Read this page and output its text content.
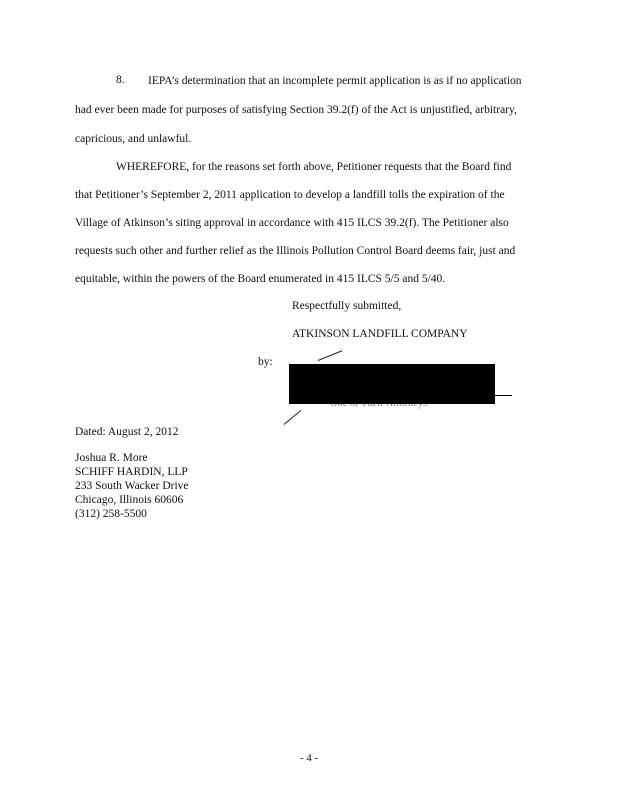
8. IEPA’s determination that an incomplete permit application is as if no application
had ever been made for purposes of satisfying Section 39.2(f) of the Act is unjustified, arbitrary,
capricious, and unlawful.
WHEREFORE, for the reasons set forth above, Petitioner requests that the Board find
that Petitioner’s September 2, 2011 application to develop a landfill tolls the expiration of the
Village of Atkinson’s siting approval in accordance with 415 ILCS 39.2(f). The Petitioner also
requests such other and further relief as the Illinois Pollution Control Board deems fair, just and
equitable, within the powers of the Board enumerated in 415 ILCS 5/5 and 5/40.
Respectfully submitted,
ATKINSON LANDFILL COMPANY
by:
Dated: August 2, 2012
Joshua R. More
SCHIFF HARDIN, LLP
233 South Wacker Drive
Chicago, Illinois 60606
(312) 258-5500
- 4 -
